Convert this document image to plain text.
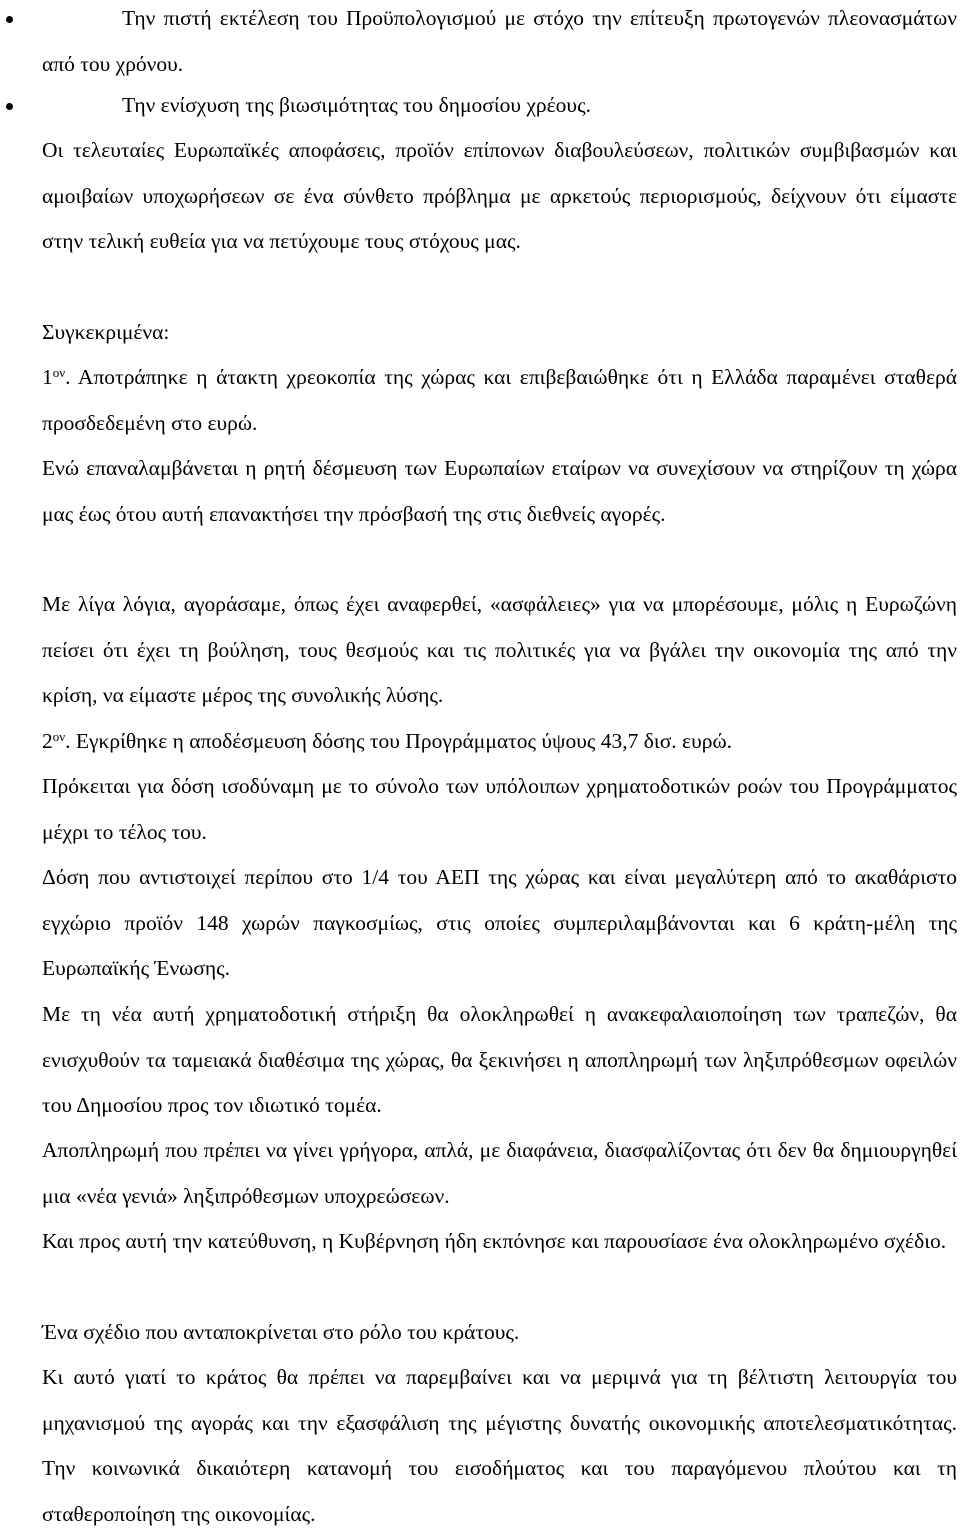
Την πιστή εκτέλεση του Προϋπολογισμού με στόχο την επίτευξη πρωτογενών πλεονασμάτων από του χρόνου.
Την ενίσχυση της βιωσιμότητας του δημοσίου χρέους.

Οι τελευταίες Ευρωπαϊκές αποφάσεις, προϊόν επίπονων διαβουλεύσεων, πολιτικών συμβιβασμών και αμοιβαίων υποχωρήσεων σε ένα σύνθετο πρόβλημα με αρκετούς περιορισμούς, δείχνουν ότι είμαστε στην τελική ευθεία για να πετύχουμε τους στόχους μας.

Συγκεκριμένα:

$1^{o\nu}$. Αποτράπηκε η άτακτη χρεοκοπία της χώρας και επιβεβαιώθηκε ότι η Ελλάδα παραμένει σταθερά προσδεδεμένη στο ευρώ.

Ενώ επαναλαμβάνεται η ρητή δέσμευση των Ευρωπαίων εταίρων να συνεχίσουν να στηρίζουν τη χώρα μας έως ότου αυτή επανακτήσει την πρόσβασή της στις διεθνείς αγορές.

Με λίγα λόγια, αγοράσαμε, όπως έχει αναφερθεί, «ασφάλειες» για να μπορέσουμε, μόλις η Ευρωζώνη πείσει ότι έχει τη βούληση, τους θεσμούς και τις πολιτικές για να βγάλει την οικονομία της από την κρίση, να είμαστε μέρος της συνολικής λύσης.

$2^{o\nu}$. Εγκρίθηκε η αποδέσμευση δόσης του Προγράμματος ύψους 43,7 δισ. ευρώ.

Πρόκειται για δόση ισοδύναμη με το σύνολο των υπόλοιπων χρηματοδοτικών ροών του Προγράμματος μέχρι το τέλος του.

Δόση που αντιστοιχεί περίπου στο 1/4 του ΑΕΠ της χώρας και είναι μεγαλύτερη από το ακαθάριστο εγχώριο προϊόν 148 χωρών παγκοσμίως, στις οποίες συμπεριλαμβάνονται και 6 κράτη-μέλη της Ευρωπαϊκής Ένωσης.

Με τη νέα αυτή χρηματοδοτική στήριξη θα ολοκληρωθεί η ανακεφαλαιοποίηση των τραπεζών, θα ενισχυθούν τα ταμειακά διαθέσιμα της χώρας, θα ξεκινήσει η αποπληρωμή των ληξιπρόθεσμων οφειλών του Δημοσίου προς τον ιδιωτικό τομέα.

Αποπληρωμή που πρέπει να γίνει γρήγορα, απλά, με διαφάνεια, διασφαλίζοντας ότι δεν θα δημιουργηθεί μια «νέα γενιά» ληξιπρόθεσμων υποχρεώσεων.

Και προς αυτή την κατεύθυνση, η Κυβέρνηση ήδη εκπόνησε και παρουσίασε ένα ολοκληρωμένο σχέδιο.

Ένα σχέδιο που ανταποκρίνεται στο ρόλο του κράτους.

Κι αυτό γιατί το κράτος θα πρέπει να παρεμβαίνει και να μεριμνά για τη βέλτιστη λειτουργία του μηχανισμού της αγοράς και την εξασφάλιση της μέγιστης δυνατής οικονομικής αποτελεσματικότητας. Την κοινωνικά δικαιότερη κατανομή του εισοδήματος και του παραγόμενου πλούτου και τη σταθεροποίηση της οικονομίας.
